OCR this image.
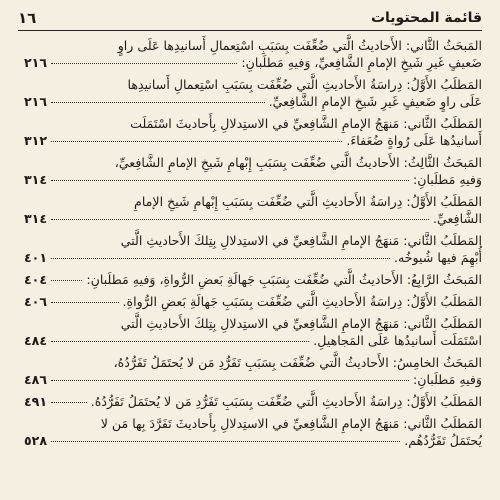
١٦	قائمة المحتويات
المَبحَثُ الثَّاني: الأَحاديثُ الَّتي ضُعِّفَت بِسَبَبِ اسْتِعمالِ أَسانيدِها عَلَى راوٍ
ضَعيفٍ غَيرِ شَيخِ الإمامِ الشَّافِعيِّ، وَفيهِ مَطلَبانِ:
٢١٦
المَطلَبُ الأَوَّلُ: دِراسَةُ الأَحاديثِ الَّتي ضُعِّفَت بِسَبَبِ اسْتِعمالِ أَسانيدِها
عَلَى راوٍ ضَعيفٍ غَيرِ شَيخِ الإمامِ الشَّافِعيِّ.
٢١٦
المَطلَبُ الثَّاني: مَنهَجُ الإمامِ الشَّافِعيِّ في الاستِدلالِ بِأَحاديثَ اسْتَمَلَت
أَسانيدُها عَلَى رُواةٍ ضُعَفاءَ.
٣١٢
المَبحَثُ الثَّالِثُ: الأَحاديثُ الَّتي ضُعِّفَت بِسَبَبِ إِبْهامِ شَيخِ الإمامِ الشَّافِعيِّ،
وَفيهِ مَطلَبانِ:
٣١٤
المَطلَبُ الأَوَّلُ: دِراسَةُ الأَحاديثِ الَّتي ضُعِّفَت بِسَبَبِ إِبْهامِ شَيخِ الإمامِ
الشَّافِعيِّ.
٣١٤
المَطلَبُ الثَّاني: مَنهَجُ الإمامِ الشَّافِعيِّ في الاستِدلالِ بِتِلكَ الأَحاديثِ الَّتي
أُبْهِمَ فيها شُيوخُه.
٤٠١
المَبحَثُ الرَّابِعُ: الأَحاديثُ الَّتي ضُعِّفَت بِسَبَبِ جَهالَةِ بَعضِ الرُّواةِ، وَفيهِ مَطلَبانِ:
٤٠٤
المَطلَبُ الأَوَّلُ: دِراسَةُ الأَحاديثِ الَّتي ضُعِّفَت بِسَبَبِ جَهالَةِ بَعضِ الرُّواةِ.
٤٠٦
المَطلَبُ الثَّاني: مَنهَجُ الإمامِ الشَّافِعيِّ في الاستِدلالِ بِتِلكَ الأَحاديثِ الَّتي
اسْتَمَلَت أَسانيدُها عَلَى المَجاهيلِ.
٤٨٤
المَبحَثُ الخامِسُ: الأَحاديثُ الَّتي ضُعِّفَت بِسَبَبِ تَفَرُّدِ مَن لا يُحتَمَلُ تَفَرُّدُهُ،
وَفيهِ مَطلَبانِ:
٤٨٦
المَطلَبُ الأَوَّلُ: دِراسَةُ الأَحاديثِ الَّتي ضُعِّفَت بِسَبَبِ تَفَرُّدِ مَن لا يُحتَمَلُ تَفَرُّدُهُ.
٤٩١
المَطلَبُ الثَّاني: مَنهَجُ الإمامِ الشَّافِعيِّ في الاستِدلالِ بِأَحاديثَ تَفَرَّدَ بِها مَن لا
يُحتَمَلُ تَفَرُّدُهُم.
٥٢٨
